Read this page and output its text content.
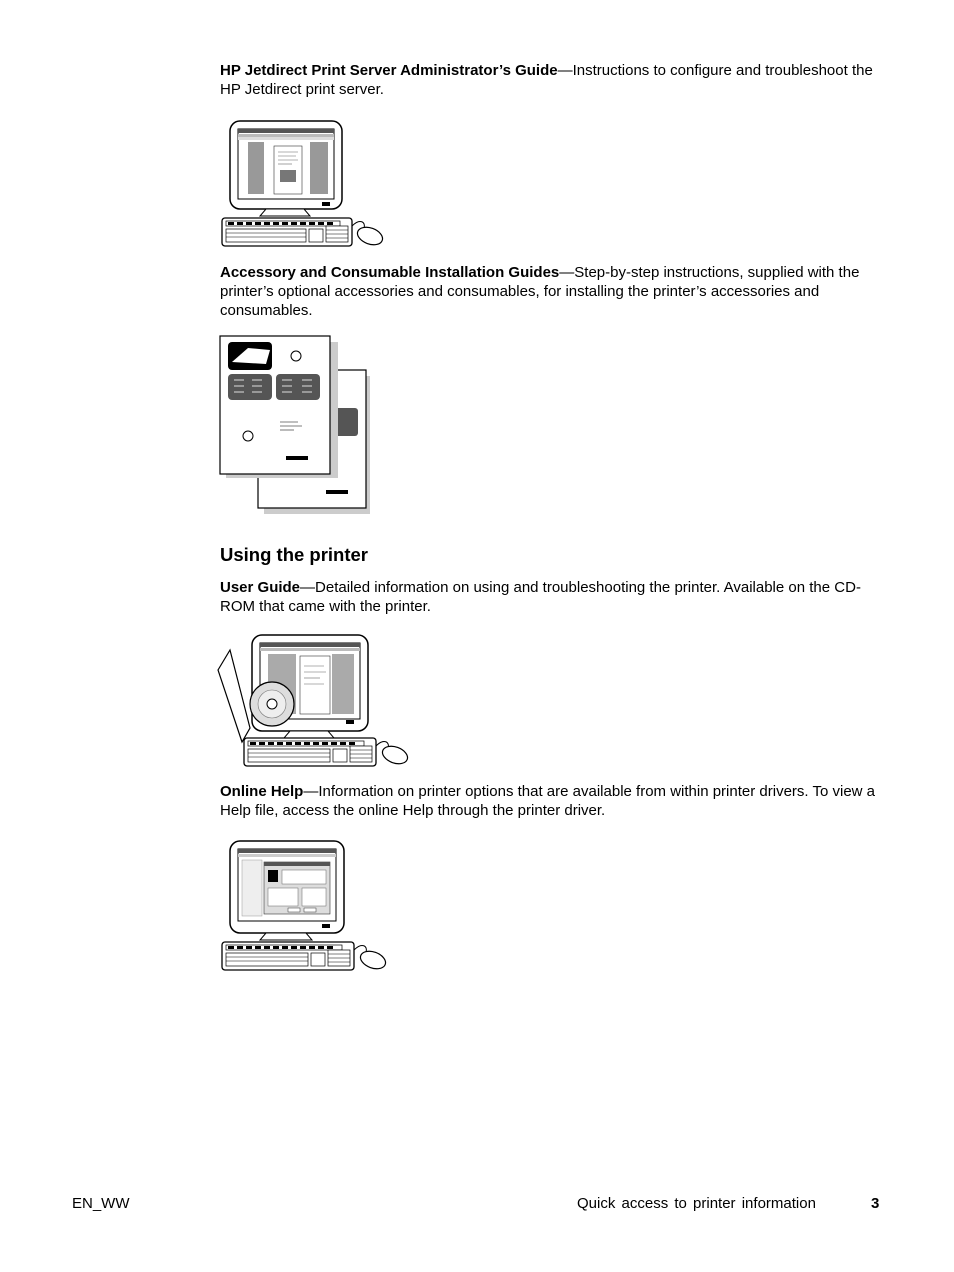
HP Jetdirect Print Server Administrator’s Guide—Instructions to configure and troubleshoot the HP Jetdirect print server.

Accessory and Consumable Installation Guides—Step-by-step instructions, supplied with the printer’s optional accessories and consumables, for installing the printer’s accessories and consumables.

Using the printer

User Guide—Detailed information on using and troubleshooting the printer. Available on the CD-ROM that came with the printer.

Online Help—Information on printer options that are available from within printer drivers. To view a Help file, access the online Help through the printer driver.

EN_WW	Quick access to printer information	3
